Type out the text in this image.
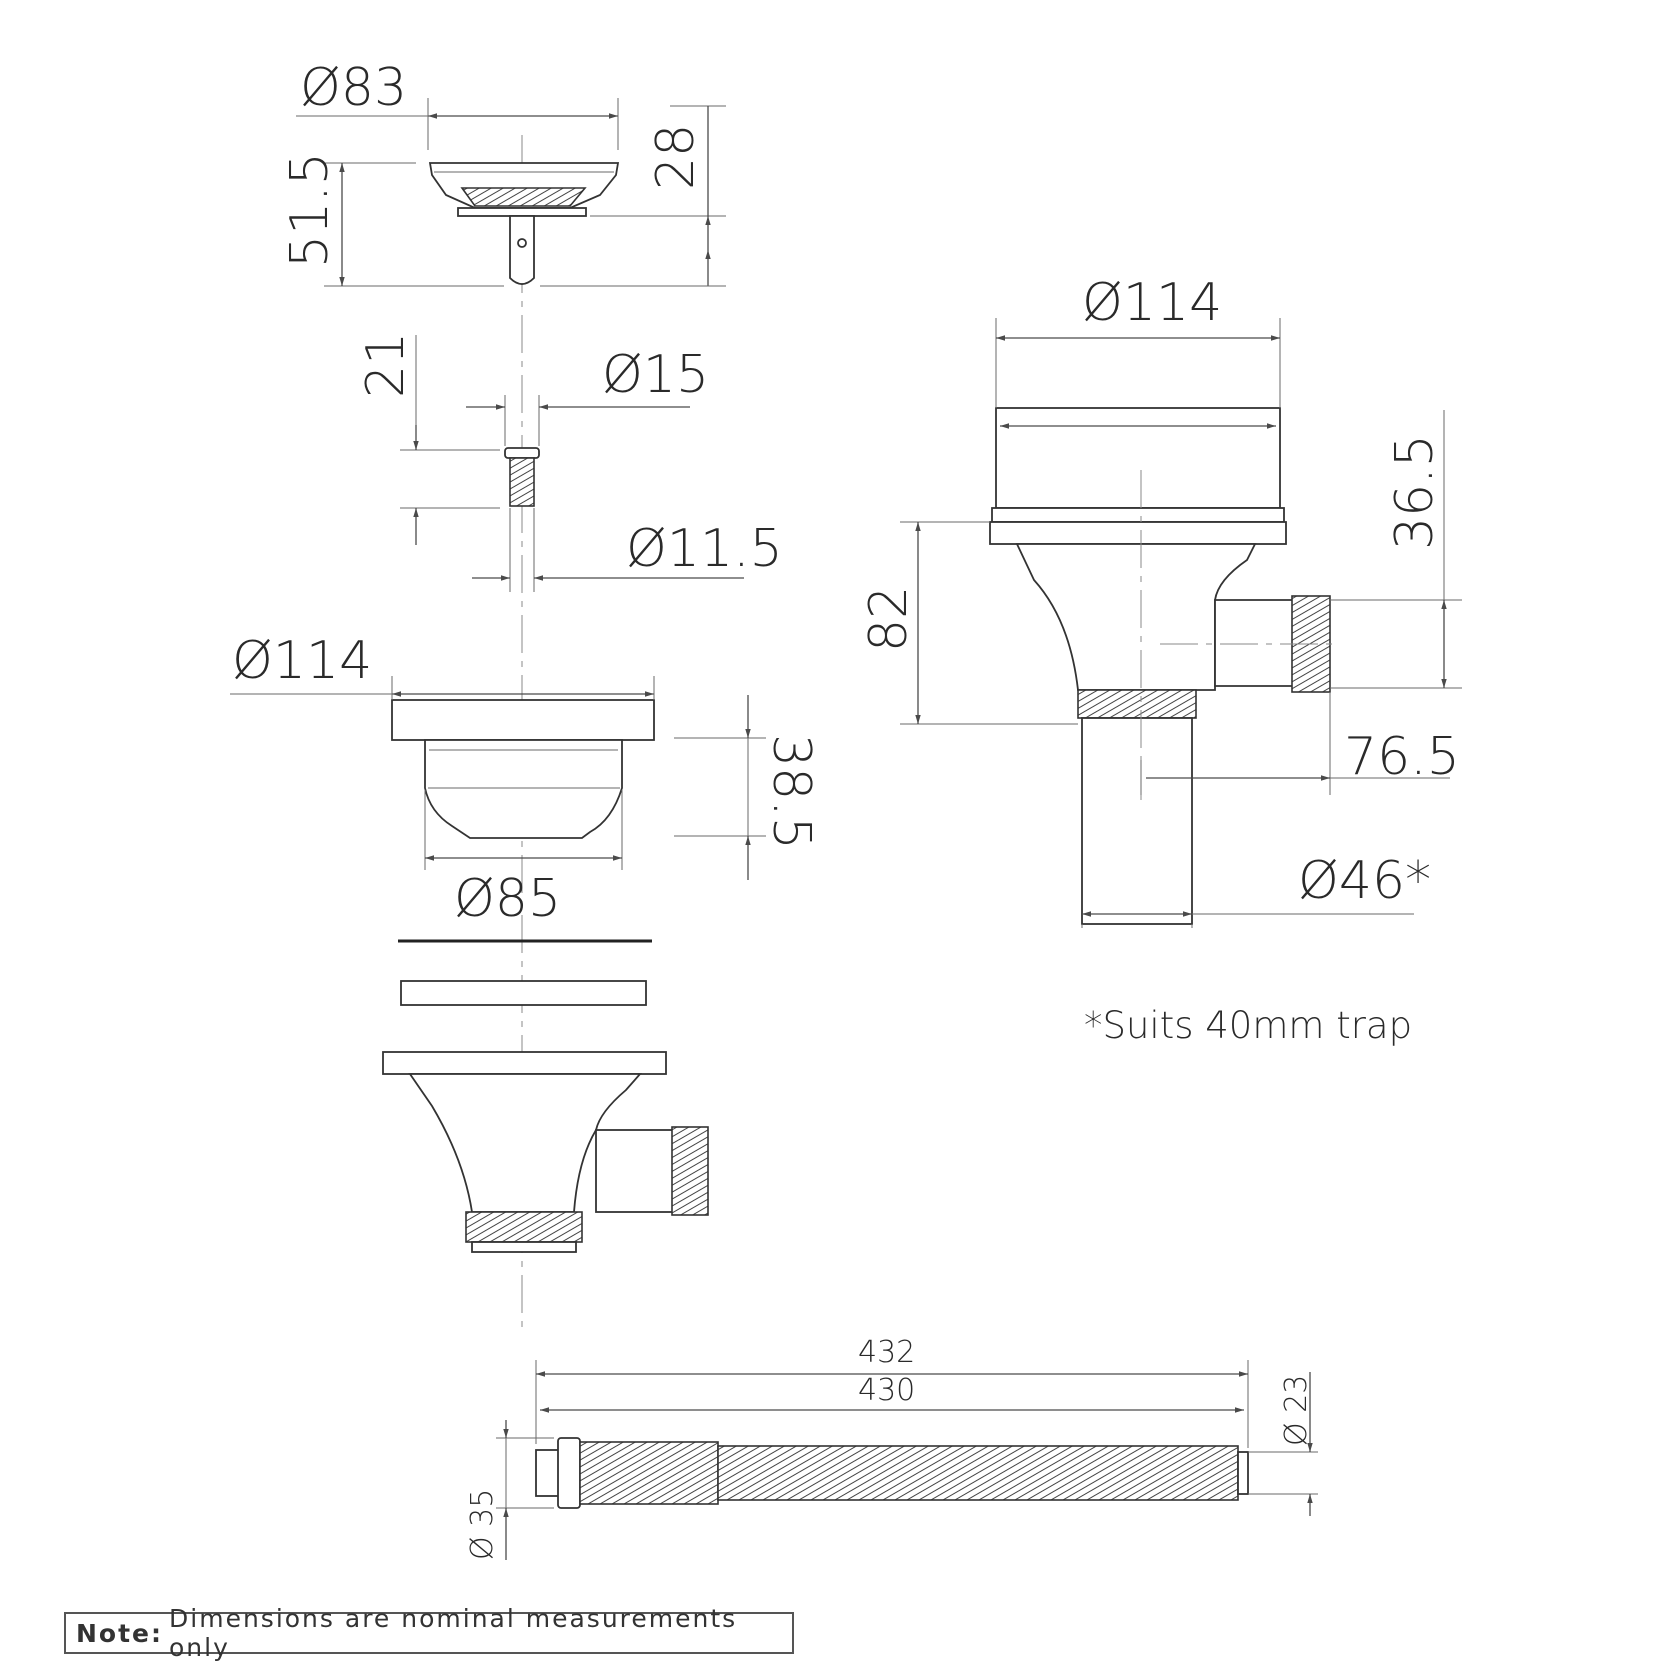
Ø83
28
51.5
21	Ø15
Ø11.5
Ø114
38.5
Ø85
Ø114
82
36.5
76.5
Ø46*
*Suits 40mm trap
432
430	Ø 23
Ø 35
Note: Dimensions are nominal measurements only
